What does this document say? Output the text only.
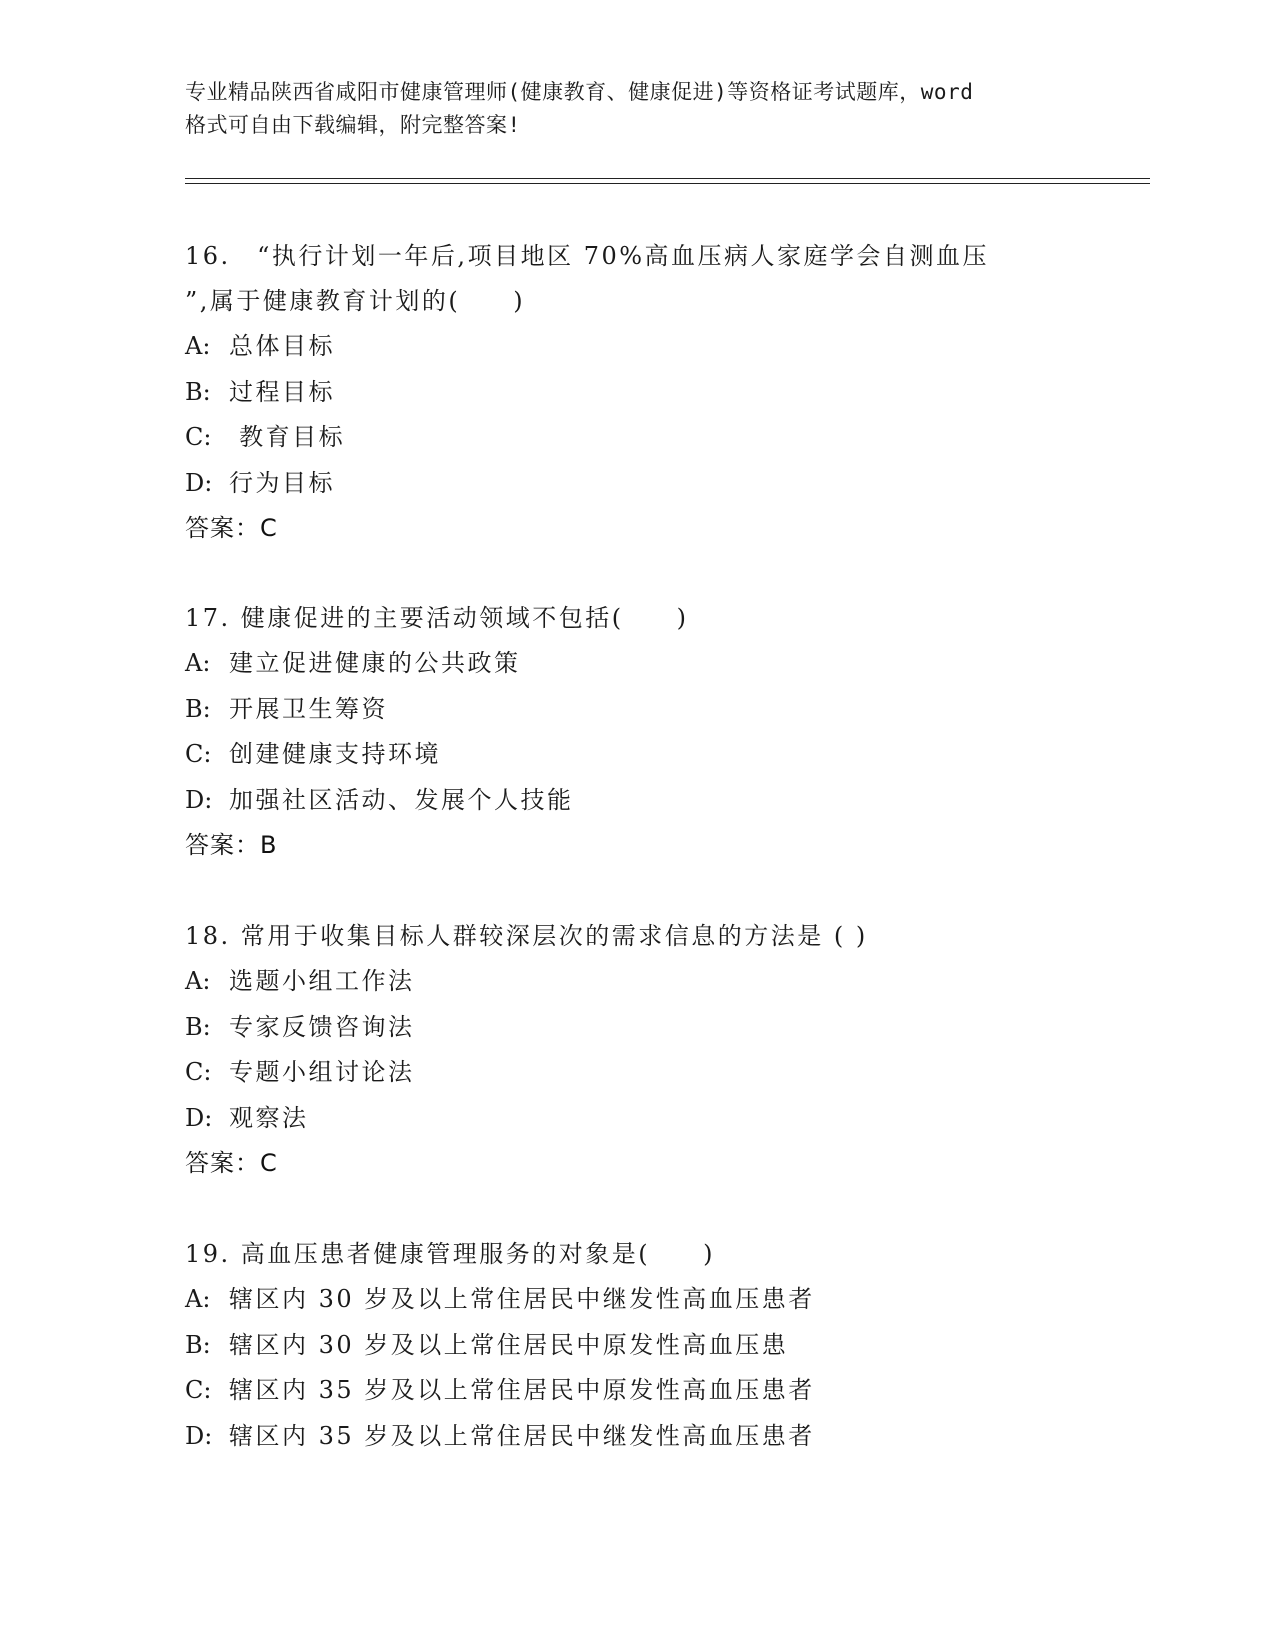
专业精品陕西省咸阳市健康管理师(健康教育、健康促进)等资格证考试题库，word
格式可自由下载编辑，附完整答案!

16.　“执行计划一年后,项目地区 70%高血压病人家庭学会自测血压

”,属于健康教育计划的(　　)

A: 总体目标

B: 过程目标

C: 教育目标

D: 行为目标

答案：C

17. 健康促进的主要活动领域不包括(　　)

A: 建立促进健康的公共政策

B: 开展卫生筹资

C: 创建健康支持环境

D: 加强社区活动、发展个人技能

答案：B

18. 常用于收集目标人群较深层次的需求信息的方法是 ( )

A: 选题小组工作法

B: 专家反馈咨询法

C: 专题小组讨论法

D: 观察法

答案：C

19. 高血压患者健康管理服务的对象是(　　)

A: 辖区内 30 岁及以上常住居民中继发性高血压患者

B: 辖区内 30 岁及以上常住居民中原发性高血压患

C: 辖区内 35 岁及以上常住居民中原发性高血压患者

D: 辖区内 35 岁及以上常住居民中继发性高血压患者
